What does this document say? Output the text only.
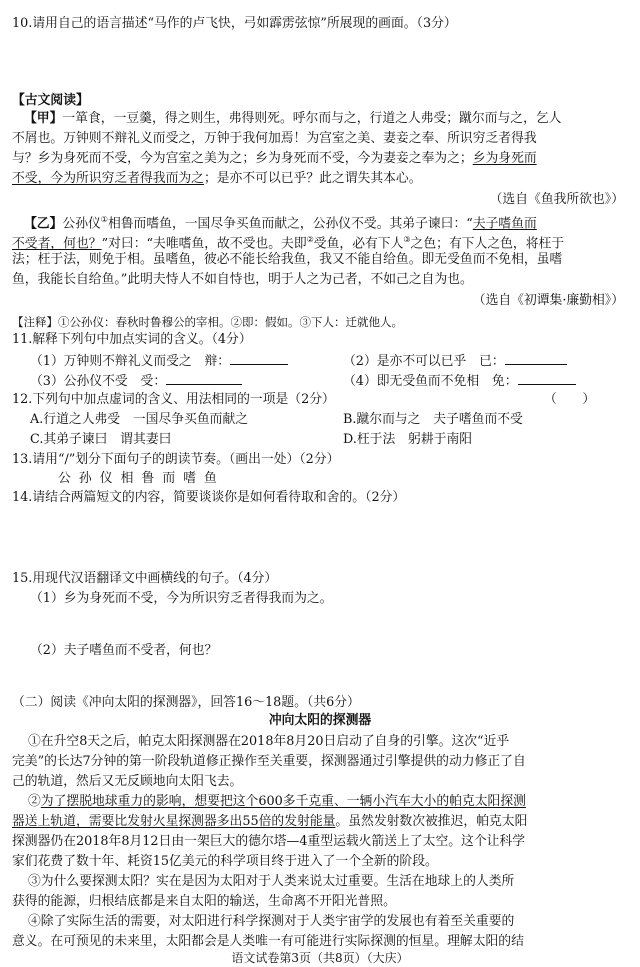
10.请用自己的语言描述“马作的卢飞快，弓如霹雳弦惊”所展现的画面。（3分）
【古文阅读】
【甲】一箪食，一豆羹，得之则生，弗得则死。呼尔而与之，行道之人弗受；蹴尔而与之，乞人
不屑也。万钟则不辩礼义而受之，万钟于我何加焉！为宫室之美、妻妾之奉、所识穷乏者得我
与？乡为身死而不受，今为宫室之美为之；乡为身死而不受，今为妻妾之奉为之；乡为身死而
不受，今为所识穷乏者得我而为之；是亦不可以已乎？此之谓失其本心。
（选自《鱼我所欲也》）
【乙】公孙仪①相鲁而嗜鱼，一国尽争买鱼而献之，公孙仪不受。其弟子谏曰：“夫子嗜鱼而
不受者，何也？”对曰：“夫唯嗜鱼，故不受也。夫即②受鱼，必有下人③之色；有下人之色，将枉于
法；枉于法，则免于相。虽嗜鱼，彼必不能长给我鱼，我又不能自给鱼。即无受鱼而不免相，虽嗜
鱼，我能长自给鱼。”此明夫恃人不如自恃也，明于人之为己者，不如己之自为也。
（选自《初谭集·廉勤相》）
【注释】①公孙仪：春秋时鲁穆公的宰相。②即：假如。③下人：迁就他人。
11.解释下列句中加点实词的含义。（4分）
（1）万钟则不辩礼义而受之　辩：	（2）是亦不可以已乎　已：
（3）公孙仪不受　受：	（4）即无受鱼而不免相　免：
12.下列句中加点虚词的含义、用法相同的一项是（2分）	（　　）
A.行道之人弗受　一国尽争买鱼而献之	B.蹴尔而与之　夫子嗜鱼而不受
C.其弟子谏曰　谓其妻曰	D.枉于法　躬耕于南阳
13.请用“/”划分下面句子的朗读节奏。（画出一处）（2分）
公 孙 仪 相 鲁 而 嗜 鱼
14.请结合两篇短文的内容，简要谈谈你是如何看待取和舍的。（2分）
15.用现代汉语翻译文中画横线的句子。（4分）
（1）乡为身死而不受，今为所识穷乏者得我而为之。
（2）夫子嗜鱼而不受者，何也？
（二）阅读《冲向太阳的探测器》，回答16～18题。（共6分）
冲向太阳的探测器
①在升空8天之后，帕克太阳探测器在2018年8月20日启动了自身的引擎。这次“近乎
完美”的长达7分钟的第一阶段轨道修正操作至关重要，探测器通过引擎提供的动力修正了自
己的轨道，然后又无反顾地向太阳飞去。
②为了摆脱地球重力的影响，想要把这个600多千克重、一辆小汽车大小的帕克太阳探测
器送上轨道，需要比发射火星探测器多出55倍的发射能量。虽然发射数次被推迟，帕克太阳
探测器仍在2018年8月12日由一架巨大的德尔塔—4重型运载火箭送上了太空。这个让科学
家们花费了数十年、耗资15亿美元的科学项目终于进入了一个全新的阶段。
③为什么要探测太阳？实在是因为太阳对于人类来说太过重要。生活在地球上的人类所
获得的能源，归根结底都是来自太阳的输送，生命离不开阳光普照。
④除了实际生活的需要，对太阳进行科学探测对于人类宇宙学的发展也有着至关重要的
意义。在可预见的未来里，太阳都会是人类唯一有可能进行实际探测的恒星。理解太阳的结
语文试卷第3页（共8页）（大庆）
